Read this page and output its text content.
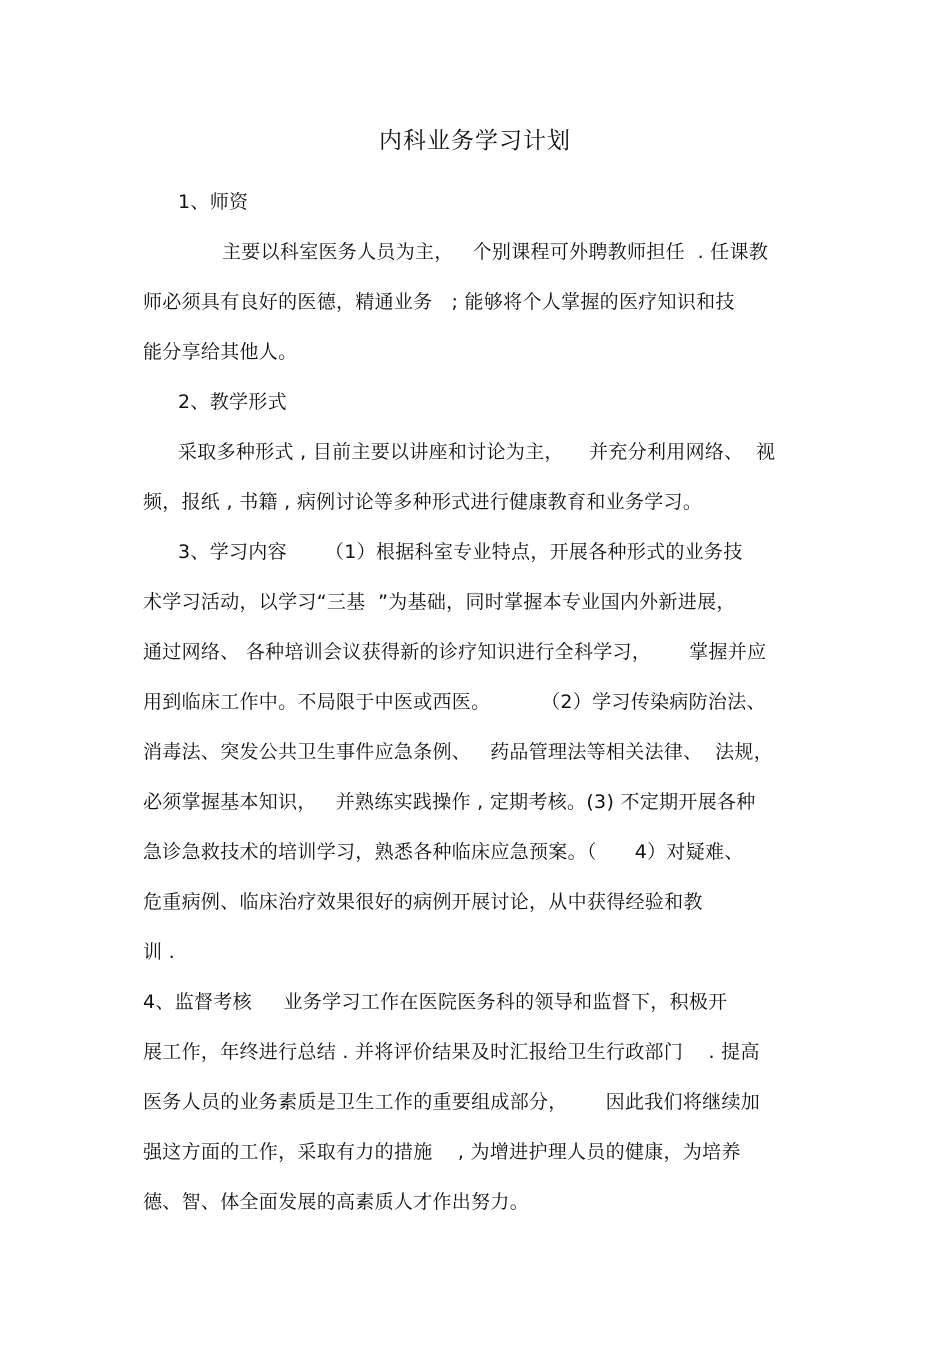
内科业务学习计划
1、师资
主要以科室医务人员为主，   个别课程可外聘教师担任  . 任课教
师必须具有良好的医德，精通业务   ; 能够将个人掌握的医疗知识和技
能分享给其他人。
2、教学形式
采取多种形式 , 目前主要以讲座和讨论为主，    并充分利用网络、  视
频，报纸 , 书籍 , 病例讨论等多种形式进行健康教育和业务学习。
3、学习内容      （1）根据科室专业特点，开展各种形式的业务技
术学习活动，以学习“三基  ”为基础，同时掌握本专业国内外新进展，
通过网络、 各种培训会议获得新的诊疗知识进行全科学习，      掌握并应
用到临床工作中。不局限于中医或西医。        （2）学习传染病防治法、
消毒法、突发公共卫生事件应急条例、   药品管理法等相关法律、  法规，
必须掌握基本知识，   并熟练实践操作 , 定期考核。(3) 不定期开展各种
急诊急救技术的培训学习，熟悉各种临床应急预案。（      4）对疑难、
危重病例、临床治疗效果很好的病例开展讨论，从中获得经验和教
训 .
4、监督考核     业务学习工作在医院医务科的领导和监督下，积极开
展工作，年终进行总结 . 并将评价结果及时汇报给卫生行政部门    . 提高
医务人员的业务素质是卫生工作的重要组成部分，      因此我们将继续加
强这方面的工作，采取有力的措施    , 为增进护理人员的健康，为培养
德、智、体全面发展的高素质人才作出努力。
